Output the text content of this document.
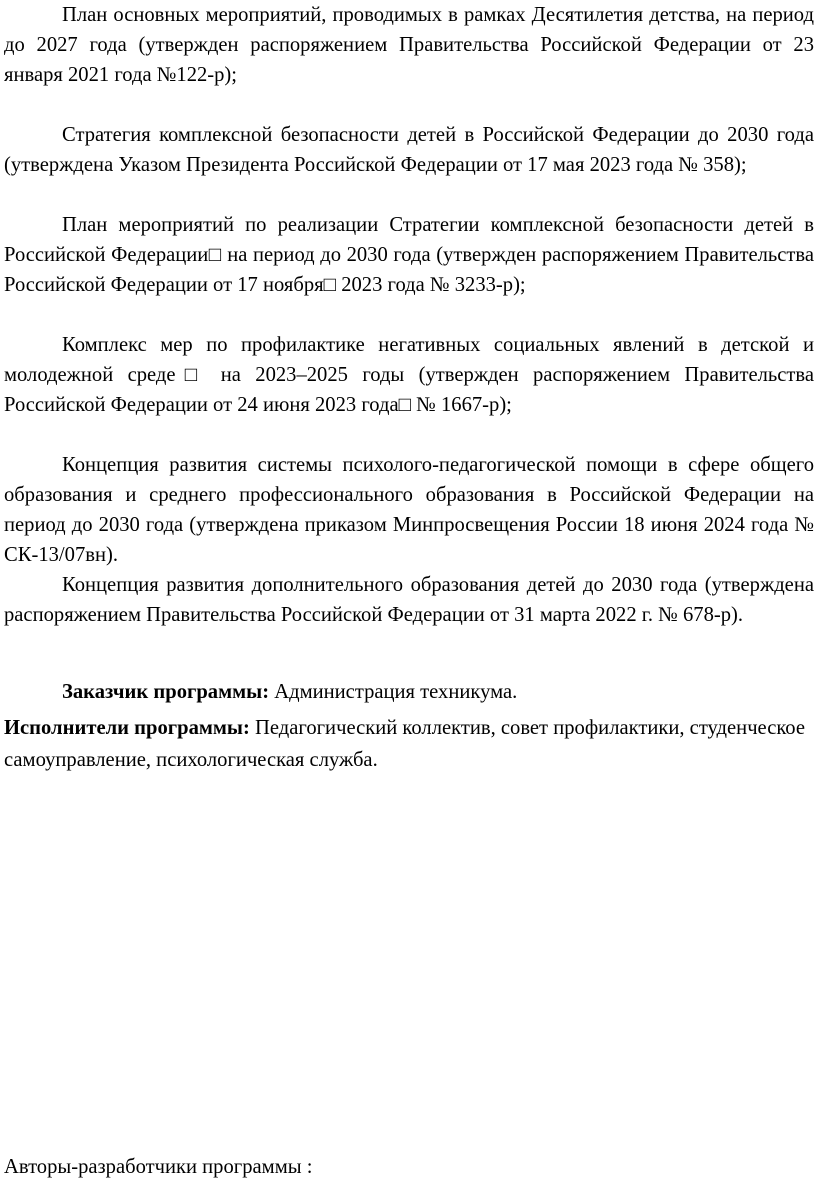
План основных мероприятий, проводимых в рамках Десятилетия детства, на период до 2027 года (утвержден распоряжением Правительства Российской Федерации от 23 января 2021 года №122-р);

Стратегия комплексной безопасности детей в Российской Федерации до 2030 года (утверждена Указом Президента Российской Федерации от 17 мая 2023 года № 358);

План мероприятий по реализации Стратегии комплексной безопасности детей в Российской Федерации□ на период до 2030 года (утвержден распоряжением Правительства Российской Федерации от 17 ноября□ 2023 года № 3233-р);

Комплекс мер по профилактике негативных социальных явлений в детской и молодежной среде□ на 2023–2025 годы (утвержден распоряжением Правительства Российской Федерации от 24 июня 2023 года□ № 1667-р);

Концепция развития системы психолого-педагогической помощи в сфере общего образования и среднего профессионального образования в Российской Федерации на период до 2030 года (утверждена приказом Минпросвещения России 18 июня 2024 года № СК-13/07вн).

Концепция развития дополнительного образования детей до 2030 года (утверждена распоряжением Правительства Российской Федерации от 31 марта 2022 г. № 678-р).

Заказчик программы: Администрация техникума.

Исполнители программы: Педагогический коллектив, совет профилактики, студенческое самоуправление, психологическая служба.

Авторы-разработчики программы :
